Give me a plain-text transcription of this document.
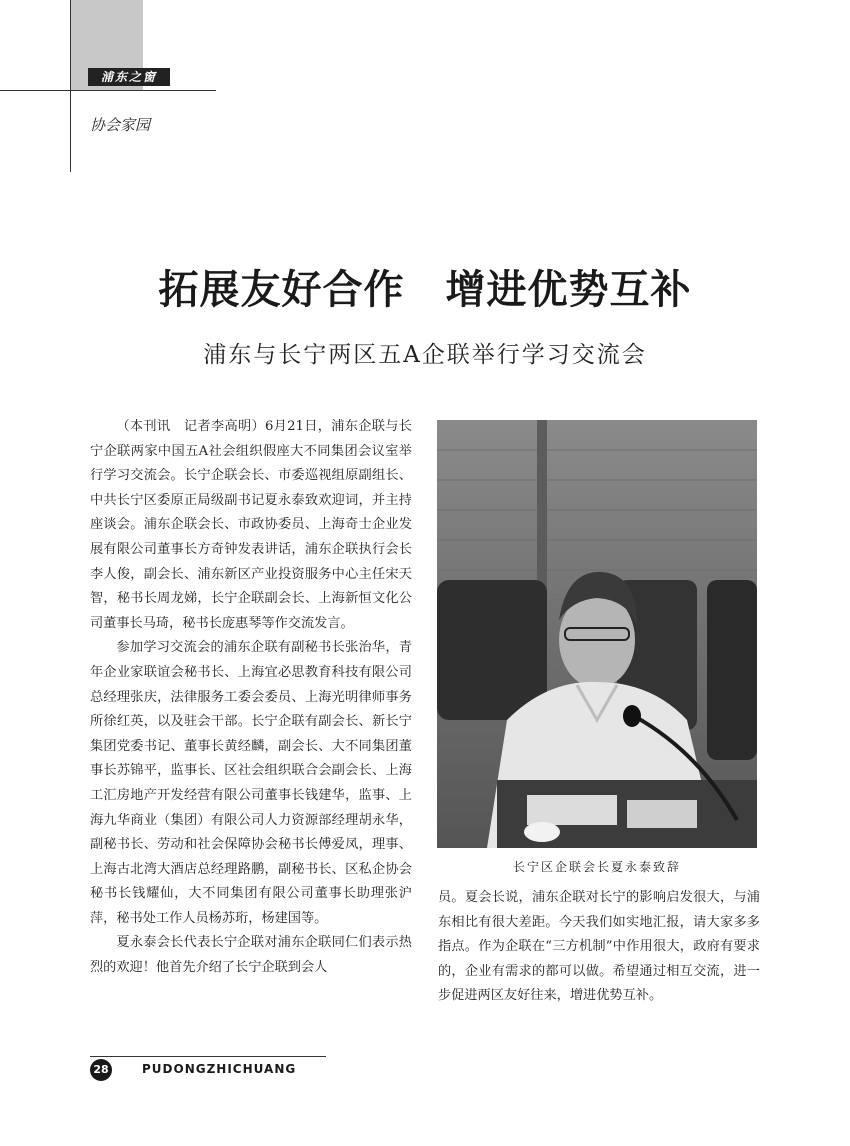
浦东之窗
协会家园
拓展友好合作　增进优势互补
浦东与长宁两区五A企联举行学习交流会

（本刊讯　记者李高明）6月21日，浦东企联与长宁企联两家中国五A社会组织假座大不同集团会议室举行学习交流会。长宁企联会长、市委巡视组原副组长、中共长宁区委原正局级副书记夏永泰致欢迎词，并主持座谈会。浦东企联会长、市政协委员、上海奇士企业发展有限公司董事长方奇钟发表讲话，浦东企联执行会长李人俊，副会长、浦东新区产业投资服务中心主任宋天智，秘书长周龙娣，长宁企联副会长、上海新恒文化公司董事长马琦，秘书长庞惠琴等作交流发言。

参加学习交流会的浦东企联有副秘书长张治华，青年企业家联谊会秘书长、上海宜必思教育科技有限公司总经理张庆，法律服务工委会委员、上海光明律师事务所徐红英，以及驻会干部。长宁企联有副会长、新长宁集团党委书记、董事长黄经麟，副会长、大不同集团董事长苏锦平，监事长、区社会组织联合会副会长、上海工汇房地产开发经营有限公司董事长钱建华，监事、上海九华商业（集团）有限公司人力资源部经理胡永华，副秘书长、劳动和社会保障协会秘书长傅爱凤，理事、上海古北湾大酒店总经理路鹏，副秘书长、区私企协会秘书长钱耀仙，大不同集团有限公司董事长助理张沪萍，秘书处工作人员杨苏珩，杨建国等。

夏永泰会长代表长宁企联对浦东企联同仁们表示热烈的欢迎！他首先介绍了长宁企联到会人

长宁区企联会长夏永泰致辞

员。夏会长说，浦东企联对长宁的影响启发很大，与浦东相比有很大差距。今天我们如实地汇报，请大家多多指点。作为企联在“三方机制”中作用很大，政府有要求的，企业有需求的都可以做。希望通过相互交流，进一步促进两区友好往来，增进优势互补。

28	PUDONGZHICHUANG
